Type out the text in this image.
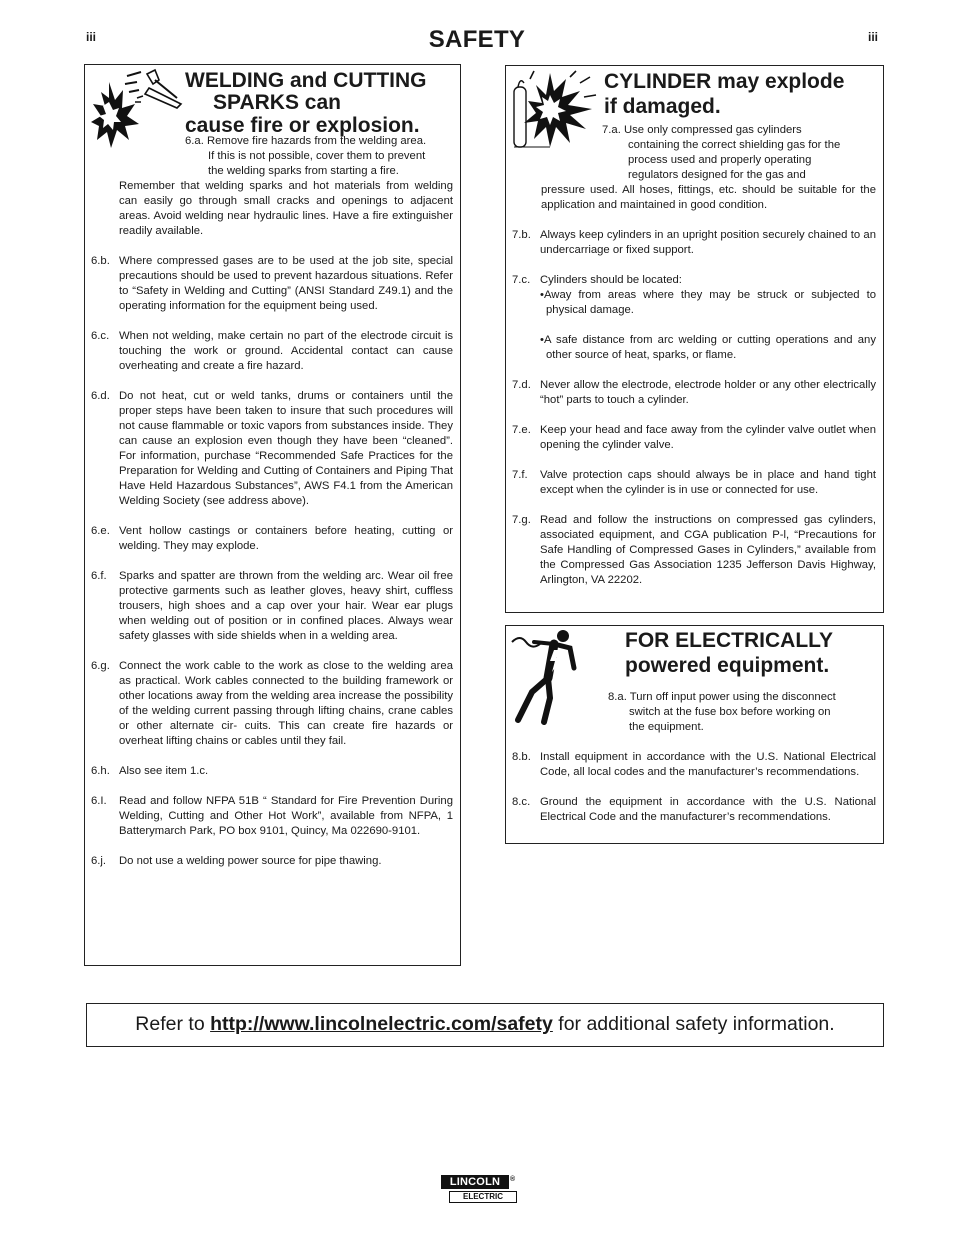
iii	iii
SAFETY
WELDING and CUTTING

SPARKS can
cause fire or explosion.
6.a. Remove fire hazards from the welding area.
If this is not possible, cover them to prevent
the welding sparks from starting a fire.
Remember that welding sparks and hot materials from welding can easily go through small cracks and openings to adjacent areas. Avoid welding near hydraulic lines. Have a fire extinguisher readily available.
6.b. Where compressed gases are to be used at the job site, special precautions should be used to prevent hazardous situations. Refer to “Safety in Welding and Cutting” (ANSI Standard Z49.1) and the operating information for the equipment being used.
6.c. When not welding, make certain no part of the electrode circuit is touching the work or ground. Accidental contact can cause overheating and create a fire hazard.
6.d. Do not heat, cut or weld tanks, drums or containers until the proper steps have been taken to insure that such procedures will not cause flammable or toxic vapors from substances inside. They can cause an explosion even though they have been “cleaned”. For information, purchase “Recommended Safe Practices for the Preparation for Welding and Cutting of Containers and Piping That Have Held Hazardous Substances”, AWS F4.1 from the American Welding Society (see address above).
6.e. Vent hollow castings or containers before heating, cutting or welding. They may explode.
6.f.	Sparks and spatter are thrown from the welding arc. Wear oil free protective garments such as leather gloves, heavy shirt, cuffless trousers, high shoes and a cap over your hair. Wear ear plugs when welding out of position or in confined places. Always wear safety glasses with side shields when in a welding area.
6.g. Connect the work cable to the work as close to the welding area as practical. Work cables connected to the building framework or other locations away from the welding area increase the possibility of the welding current passing through lifting chains, crane cables or other alternate cir- cuits. This can create fire hazards or overheat lifting chains or cables until they fail.
6.h. Also see item 1.c.
6.I.	Read and follow NFPA 51B “ Standard for Fire Prevention During Welding, Cutting and Other Hot Work”, available from NFPA, 1 Batterymarch Park, PO box 9101, Quincy, Ma 022690-9101.
6.j.	Do not use a welding power source for pipe thawing.
CYLINDER may explode
if damaged.
7.a. Use only compressed gas cylinders
containing the correct shielding gas for the
process used and properly operating
regulators designed for the gas and
pressure used. All hoses, fittings, etc. should be suitable for the application and maintained in good condition.
7.b. Always keep cylinders in an upright position securely chained to an undercarriage or fixed support.
7.c. Cylinders should be located:
•Away from areas where they may be struck or subjected to physical damage.
•A safe distance from arc welding or cutting operations and any other source of heat, sparks, or flame.
7.d. Never allow the electrode, electrode holder or any other electrically “hot” parts to touch a cylinder.
7.e. Keep your head and face away from the cylinder valve outlet when opening the cylinder valve.
7.f.	Valve protection caps should always be in place and hand tight except when the cylinder is in use or connected for use.
7.g. Read and follow the instructions on compressed gas cylinders, associated equipment, and CGA publication P-l, “Precautions for Safe Handling of Compressed Gases in Cylinders,” available from the Compressed Gas Association 1235 Jefferson Davis Highway, Arlington, VA 22202.
FOR ELECTRICALLY
powered equipment.
8.a. Turn off input power using the disconnect
switch at the fuse box before working on
the equipment.
8.b. Install equipment in accordance with the U.S. National Electrical Code, all local codes and the manufacturer’s recommendations.
8.c. Ground the equipment in accordance with the U.S. National Electrical Code and the manufacturer’s recommendations.
Refer to http://www.lincolnelectric.com/safety for additional safety information.
LINCOLN	®
ELECTRIC
